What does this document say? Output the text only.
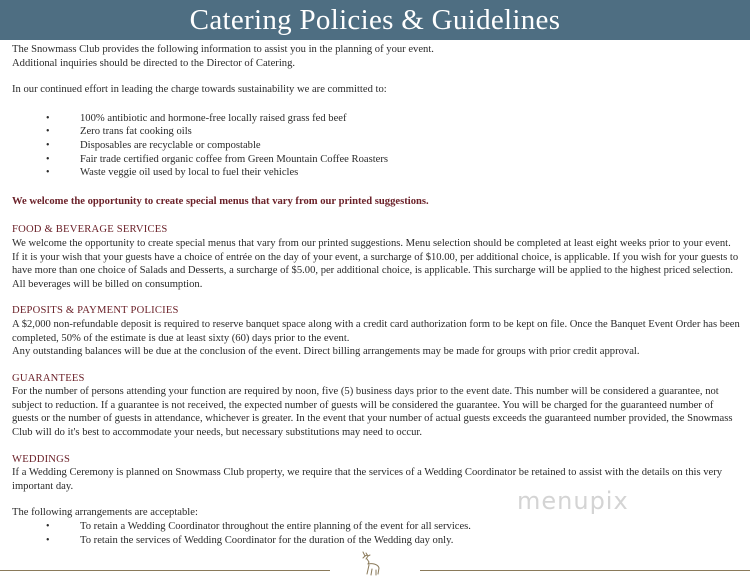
Catering Policies & Guidelines

The Snowmass Club provides the following information to assist you in the planning of your event.

Additional inquiries should be directed to the Director of Catering.

In our continued effort in leading the charge towards sustainability we are committed to:

• 100% antibiotic and hormone-free locally raised grass fed beef
• Zero trans fat cooking oils
• Disposables are recyclable or compostable
• Fair trade certified organic coffee from Green Mountain Coffee Roasters
• Waste veggie oil used by local to fuel their vehicles

We welcome the opportunity to create special menus that vary from our printed suggestions.

FOOD & BEVERAGE SERVICES

We welcome the opportunity to create special menus that vary from our printed suggestions. Menu selection should be completed at least eight weeks prior to your event. If it is your wish that your guests have a choice of entrée on the day of your event, a surcharge of $10.00, per additional choice, is applicable. If you wish for your guests to have more than one choice of Salads and Desserts, a surcharge of $5.00, per additional choice, is applicable. This surcharge will be applied to the highest priced selection. All beverages will be billed on consumption.

DEPOSITS & PAYMENT POLICIES

A $2,000 non-refundable deposit is required to reserve banquet space along with a credit card authorization form to be kept on file. Once the Banquet Event Order has been completed, 50% of the estimate is due at least sixty (60) days prior to the event.

Any outstanding balances will be due at the conclusion of the event. Direct billing arrangements may be made for groups with prior credit approval.

GUARANTEES

For the number of persons attending your function are required by noon, five (5) business days prior to the event date. This number will be considered a guarantee, not subject to reduction. If a guarantee is not received, the expected number of guests will be considered the guarantee. You will be charged for the guaranteed number of guests or the number of guests in attendance, whichever is greater. In the event that your number of actual guests exceeds the guaranteed number provided, the Snowmass Club will do it's best to accommodate your needs, but necessary substitutions may need to occur.

WEDDINGS

If a Wedding Ceremony is planned on Snowmass Club property, we require that the services of a Wedding Coordinator be retained to assist with the details on this very important day.

The following arrangements are acceptable:

• To retain a Wedding Coordinator throughout the entire planning of the event for all services.
• To retain the services of Wedding Coordinator for the duration of the Wedding day only.
menupix
